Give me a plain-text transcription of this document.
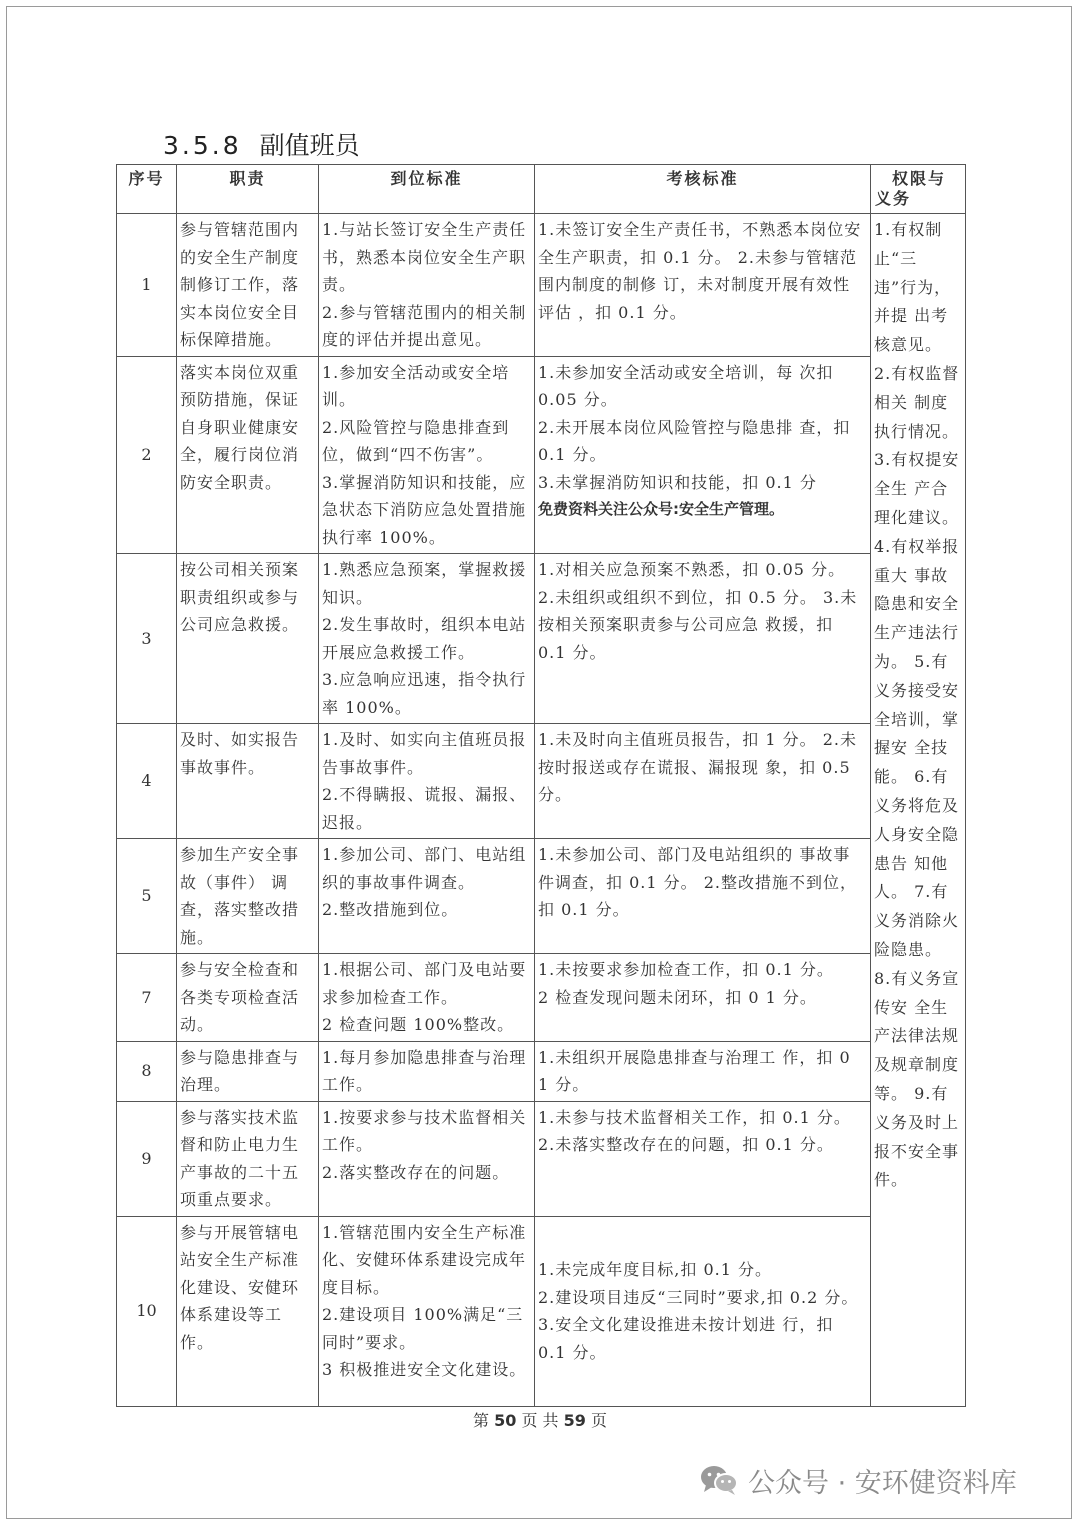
3.5.8 副值班员
序号	职责	到位标准	考核标准	权限与
义务

1	参与管辖范围内的安全生产制度制修订工作，落实本岗位安全目标保障措施。	1.与站长签订安全生产责任书，熟悉本岗位安全生产职责。
2.参与管辖范围内的相关制度的评估并提出意见。	1.未签订安全生产责任书，不熟悉本岗位安全生产职责，扣 0.1 分。 2.未参与管辖范围内制度的制修 订，未对制度开展有效性评估 ，扣 0.1 分。	1.有权制止“三 违”行为，并提 出考核意见。 2.有权监督相关 制度执行情况。 3.有权提安全生 产合理化建议。 4.有权举报重大 事故隐患和安全 生产违法行为。 5.有义务接受安全培训，掌握安 全技能。 6.有义务将危及 人身安全隐患告 知他人。 7.有义务消除火 险隐患。 8.有义务宣传安 全生产法律法规 及规章制度等。 9.有义务及时上报不安全事件。
2	落实本岗位双重预防措施，保证自身职业健康安全，履行岗位消防安全职责。	1.参加安全活动或安全培训。
2.风险管控与隐患排查到位，做到“四不伤害”。
3.掌握消防知识和技能，应急状态下消防应急处置措施执行率 100%。	1.未参加安全活动或安全培训，每 次扣 0.05 分。
2.未开展本岗位风险管控与隐患排 查，扣 0.1 分。
3.未掌握消防知识和技能，扣 0.1 分
免费资料关注公众号:安全生产管理。	

3	按公司相关预案职责组织或参与公司应急救援。	1.熟悉应急预案，掌握救援知识。
2.发生事故时，组织本电站开展应急救援工作。
3.应急响应迅速，指令执行率 100%。	1.对相关应急预案不熟悉，扣 0.05 分。
2.未组织或组织不到位，扣 0.5 分。 3.未按相关预案职责参与公司应急 救援，扣 0.1 分。	

4	及时、如实报告事故事件。	1.及时、如实向主值班员报告事故事件。
2.不得瞒报、谎报、漏报、迟报。	1.未及时向主值班员报告，扣 1 分。 2.未按时报送或存在谎报、漏报现 象，扣 0.5 分。	

5	参加生产安全事故（事件） 调查，落实整改措施。	1.参加公司、部门、电站组织的事故事件调查。
2.整改措施到位。	1.未参加公司、部门及电站组织的 事故事件调查，扣 0.1 分。 2.整改措施不到位，扣 0.1 分。	

7	参与安全检查和各类专项检查活动。	1.根据公司、部门及电站要求参加检查工作。
2 检查问题 100%整改。	1.未按要求参加检查工作，扣 0.1 分。
2 检查发现问题未闭环，扣 0 1 分。	

8	参与隐患排查与治理。	1.每月参加隐患排查与治理工作。	1.未组织开展隐患排查与治理工 作，扣 0 1 分。	

9	参与落实技术监督和防止电力生产事故的二十五项重点要求。	1.按要求参与技术监督相关工作。
2.落实整改存在的问题。	1.未参与技术监督相关工作，扣 0.1 分。
2.未落实整改存在的问题，扣 0.1 分。	

10	参与开展管辖电站安全生产标准化建设、安健环体系建设等工作。	1.管辖范围内安全生产标准化、安健环体系建设完成年度目标。
2.建设项目 100%满足“三同时”要求。
3 积极推进安全文化建设。	1.未完成年度目标,扣 0.1 分。
2.建设项目违反“三同时”要求,扣 0.2 分。 3.安全文化建设推进未按计划进 行，扣 0.1 分。	
第 50 页 共 59 页
公众号 · 安环健资料库
